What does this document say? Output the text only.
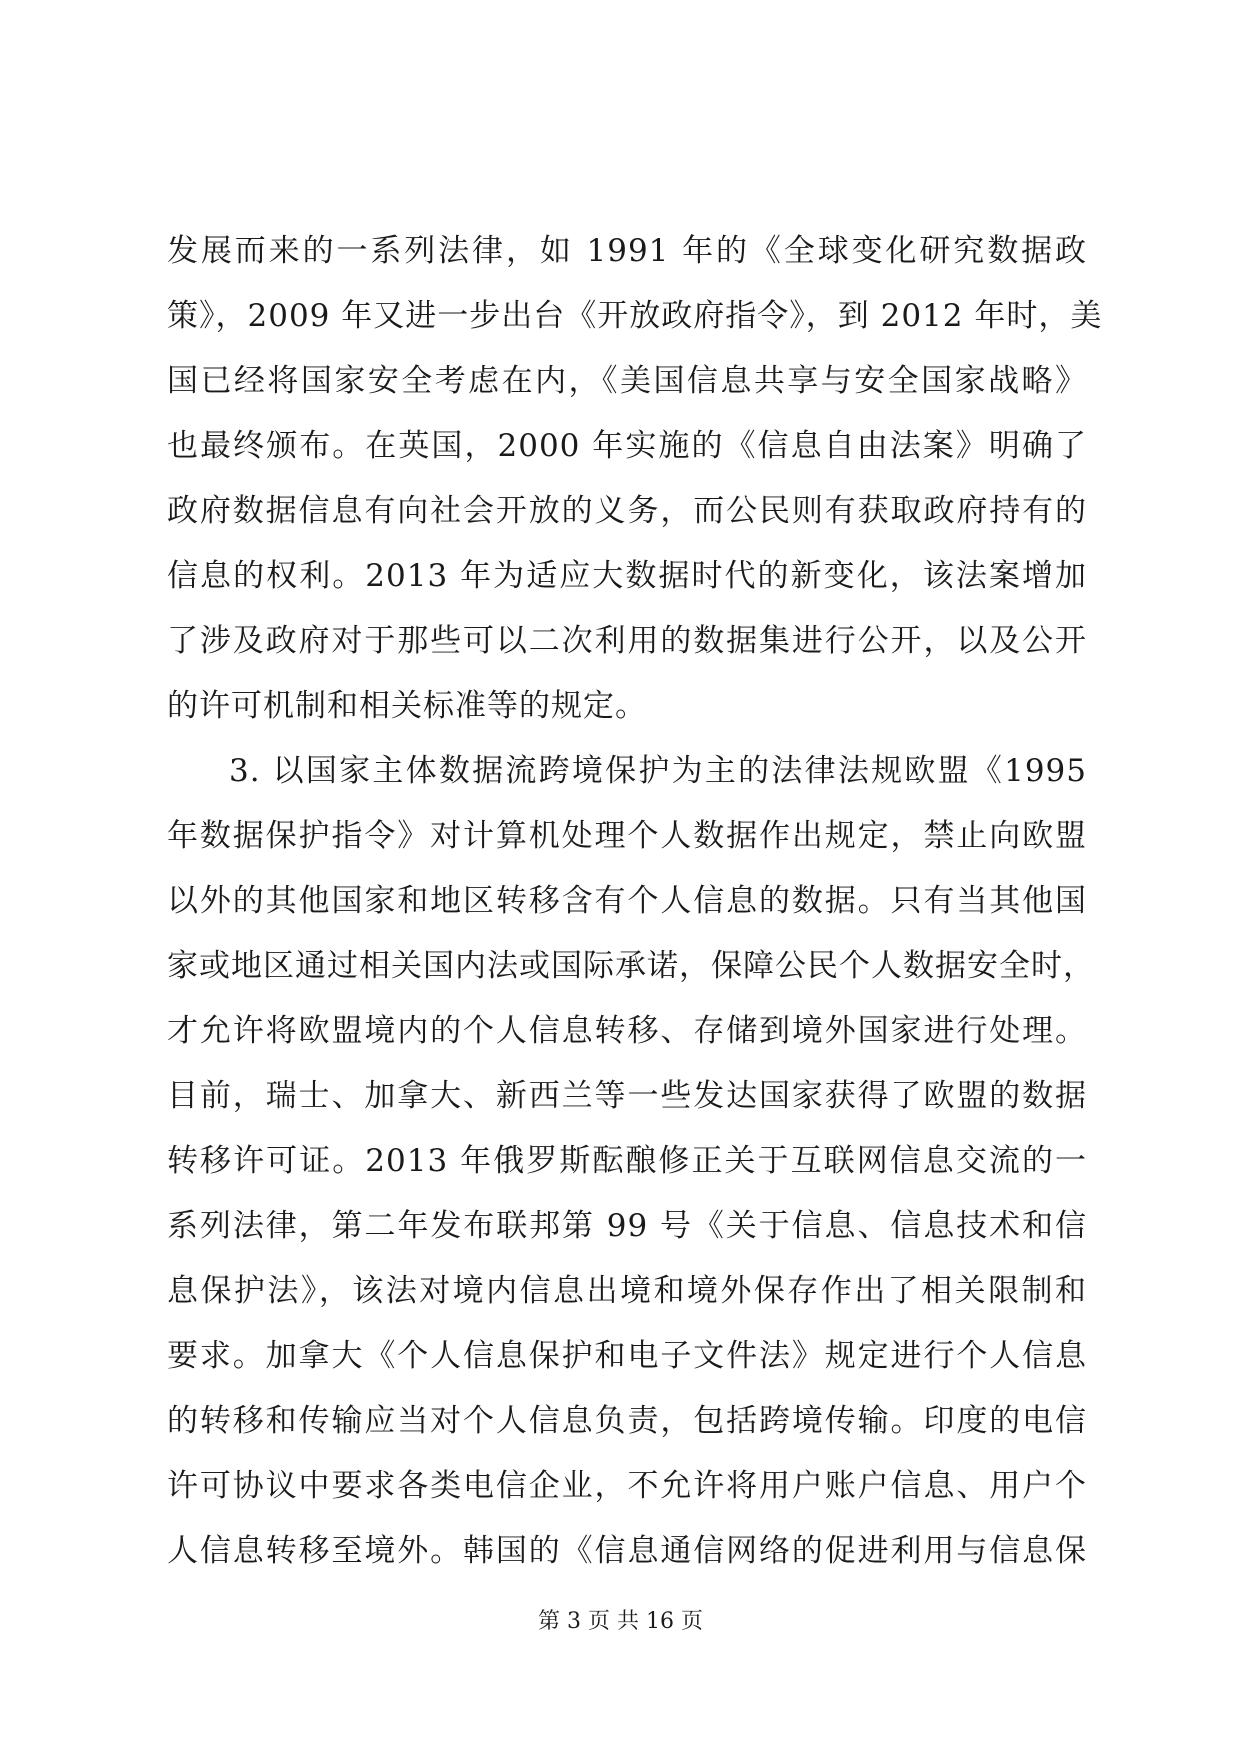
发展而来的一系列法律，如 1991 年的《全球变化研究数据政
策》，2009 年又进一步出台《开放政府指令》，到 2012 年时，美
国已经将国家安全考虑在内，《美国信息共享与安全国家战略》
也最终颁布。在英国，2000 年实施的《信息自由法案》明确了
政府数据信息有向社会开放的义务，而公民则有获取政府持有的
信息的权利。2013 年为适应大数据时代的新变化，该法案增加
了涉及政府对于那些可以二次利用的数据集进行公开，以及公开
的许可机制和相关标准等的规定。
3. 以国家主体数据流跨境保护为主的法律法规欧盟《1995
年数据保护指令》对计算机处理个人数据作出规定，禁止向欧盟
以外的其他国家和地区转移含有个人信息的数据。只有当其他国
家或地区通过相关国内法或国际承诺，保障公民个人数据安全时，
才允许将欧盟境内的个人信息转移、存储到境外国家进行处理。
目前，瑞士、加拿大、新西兰等一些发达国家获得了欧盟的数据
转移许可证。2013 年俄罗斯酝酿修正关于互联网信息交流的一
系列法律，第二年发布联邦第 99 号《关于信息、信息技术和信
息保护法》，该法对境内信息出境和境外保存作出了相关限制和
要求。加拿大《个人信息保护和电子文件法》规定进行个人信息
的转移和传输应当对个人信息负责，包括跨境传输。印度的电信
许可协议中要求各类电信企业，不允许将用户账户信息、用户个
人信息转移至境外。韩国的《信息通信网络的促进利用与信息保
第 3 页 共 16 页
